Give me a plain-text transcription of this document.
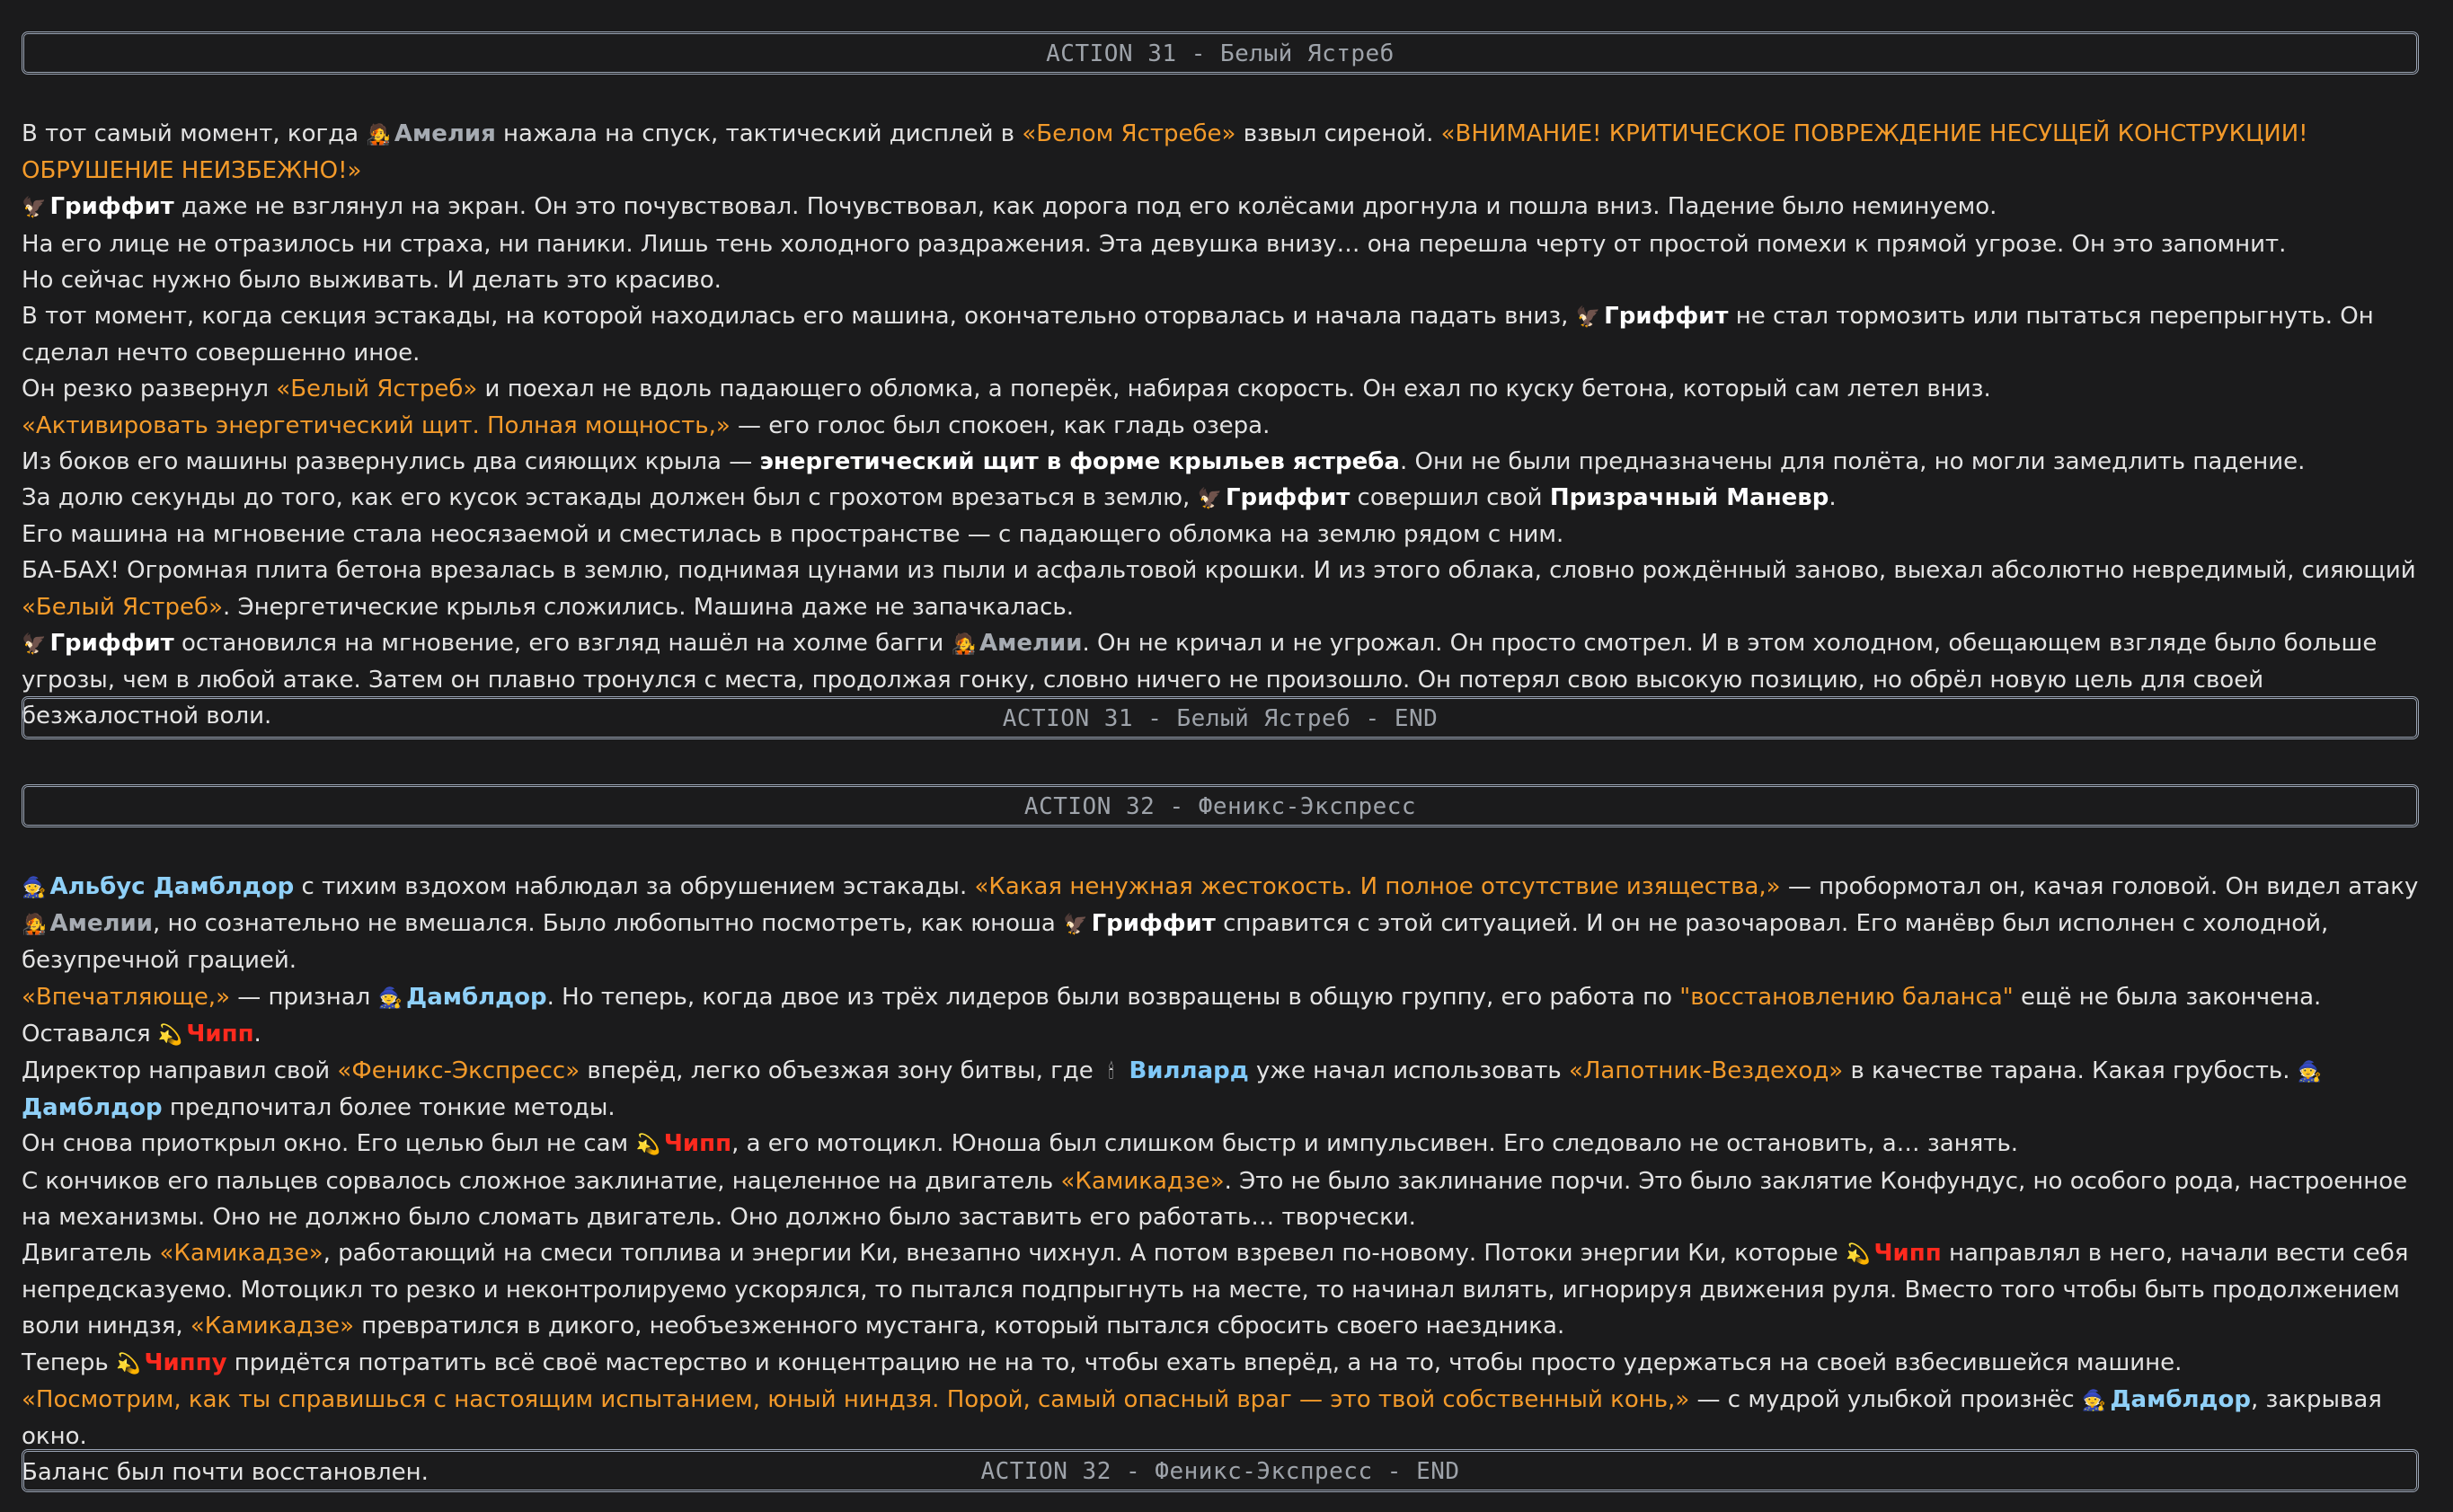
ACTION 31 - Белый Ястреб

В тот самый момент, когда 🧑‍🎤 Амелия нажала на спуск, тактический дисплей в «Белом Ястребе» взвыл сиреной. «ВНИМАНИЕ! КРИТИЧЕСКОЕ ПОВРЕЖДЕНИЕ НЕСУЩЕЙ КОНСТРУКЦИИ! ОБРУШЕНИЕ НЕИЗБЕЖНО!»

🦅 Гриффит даже не взглянул на экран. Он это почувствовал. Почувствовал, как дорога под его колёсами дрогнула и пошла вниз. Падение было неминуемо.

На его лице не отразилось ни страха, ни паники. Лишь тень холодного раздражения. Эта девушка внизу… она перешла черту от простой помехи к прямой угрозе. Он это запомнит.

Но сейчас нужно было выживать. И делать это красиво.

В тот момент, когда секция эстакады, на которой находилась его машина, окончательно оторвалась и начала падать вниз, 🦅 Гриффит не стал тормозить или пытаться перепрыгнуть. Он сделал нечто совершенно иное.

Он резко развернул «Белый Ястреб» и поехал не вдоль падающего обломка, а поперёк, набирая скорость. Он ехал по куску бетона, который сам летел вниз.

«Активировать энергетический щит. Полная мощность,» — его голос был спокоен, как гладь озера.

Из боков его машины развернулись два сияющих крыла — энергетический щит в форме крыльев ястреба. Они не были предназначены для полёта, но могли замедлить падение.

За долю секунды до того, как его кусок эстакады должен был с грохотом врезаться в землю, 🦅 Гриффит совершил свой Призрачный Маневр.

Его машина на мгновение стала неосязаемой и сместилась в пространстве — с падающего обломка на землю рядом с ним.

БА-БАХ! Огромная плита бетона врезалась в землю, поднимая цунами из пыли и асфальтовой крошки. И из этого облака, словно рождённый заново, выехал абсолютно невредимый, сияющий «Белый Ястреб». Энергетические крылья сложились. Машина даже не запачкалась.

🦅 Гриффит остановился на мгновение, его взгляд нашёл на холме багги 🧑‍🎤 Амелии. Он не кричал и не угрожал. Он просто смотрел. И в этом холодном, обещающем взгляде было больше угрозы, чем в любой атаке. Затем он плавно тронулся с места, продолжая гонку, словно ничего не произошло. Он потерял свою высокую позицию, но обрёл новую цель для своей безжалостной воли.	ACTION 31 - Белый Ястреб - END
ACTION 32 - Феникс-Экспресс

🧙 Альбус Дамблдор с тихим вздохом наблюдал за обрушением эстакады. «Какая ненужная жестокость. И полное отсутствие изящества,» — пробормотал он, качая головой. Он видел атаку 🧑‍🎤 Амелии, но сознательно не вмешался. Было любопытно посмотреть, как юноша 🦅 Гриффит справится с этой ситуацией. И он не разочаровал. Его манёвр был исполнен с холодной, безупречной грацией.

«Впечатляюще,» — признал 🧙 Дамблдор. Но теперь, когда двое из трёх лидеров были возвращены в общую группу, его работа по "восстановлению баланса" ещё не была закончена. Оставался 💫 Чипп.

Директор направил свой «Феникс-Экспресс» вперёд, легко объезжая зону битвы, где 🕯 Виллард уже начал использовать «Лапотник-Вездеход» в качестве тарана. Какая грубость. 🧙 Дамблдор предпочитал более тонкие методы.

Он снова приоткрыл окно. Его целью был не сам 💫 Чипп, а его мотоцикл. Юноша был слишком быстр и импульсивен. Его следовало не остановить, а… занять.

С кончиков его пальцев сорвалось сложное заклинатие, нацеленное на двигатель «Камикадзе». Это не было заклинание порчи. Это было заклятие Конфундус, но особого рода, настроенное на механизмы. Оно не должно было сломать двигатель. Оно должно было заставить его работать… творчески.

Двигатель «Камикадзе», работающий на смеси топлива и энергии Ки, внезапно чихнул. А потом взревел по-новому. Потоки энергии Ки, которые 💫 Чипп направлял в него, начали вести себя непредсказуемо. Мотоцикл то резко и неконтролируемо ускорялся, то пытался подпрыгнуть на месте, то начинал вилять, игнорируя движения руля. Вместо того чтобы быть продолжением воли ниндзя, «Камикадзе» превратился в дикого, необъезженного мустанга, который пытался сбросить своего наездника.

Теперь 💫 Чиппу придётся потратить всё своё мастерство и концентрацию не на то, чтобы ехать вперёд, а на то, чтобы просто удержаться на своей взбесившейся машине.

«Посмотрим, как ты справишься с настоящим испытанием, юный ниндзя. Порой, самый опасный враг — это твой собственный конь,» — с мудрой улыбкой произнёс 🧙 Дамблдор, закрывая окно.

Баланс был почти восстановлен.	ACTION 32 - Феникс-Экспресс - END
